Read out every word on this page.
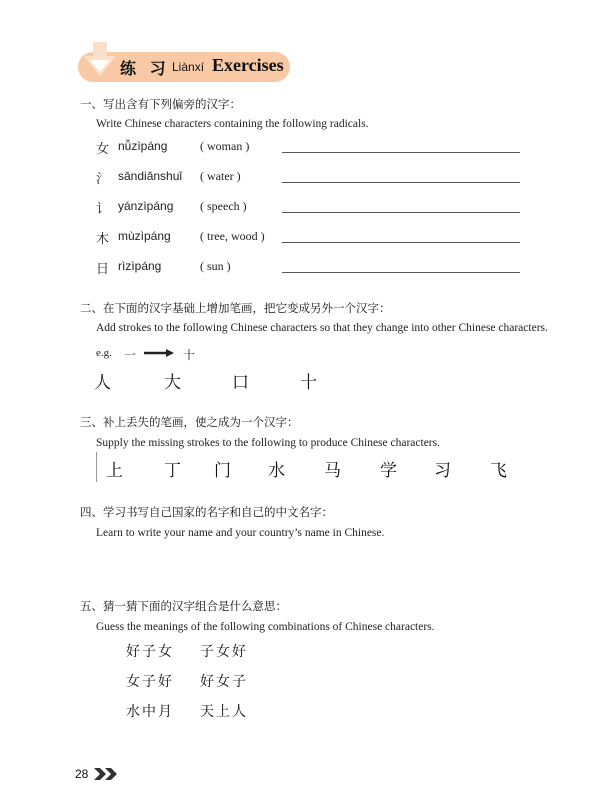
练 习 Liànxí Exercises
一、写出含有下列偏旁的汉字：
Write Chinese characters containing the following radicals.
女 nǚzìpáng	( woman )
氵 sāndiǎnshuǐ ( water )
讠 yánzìpáng ( speech )
木 mùzìpáng ( tree, wood )
日 rìzìpáng	( sun )
二、在下面的汉字基础上增加笔画，把它变成另外一个汉字：
Add strokes to the following Chinese characters so that they change into other Chinese characters.
e.g. 一	十
人	大	口	十
三、补上丢失的笔画，使之成为一个汉字：
Supply the missing strokes to the following to produce Chinese characters.
上 丁 门 水 马 学 习 飞
四、学习书写自己国家的名字和自己的中文名字：
Learn to write your name and your country’s name in Chinese.
五、猜一猜下面的汉字组合是什么意思：
Guess the meanings of the following combinations of Chinese characters.
好子女 子女好
女子好 好女子
水中月 天上人
28
